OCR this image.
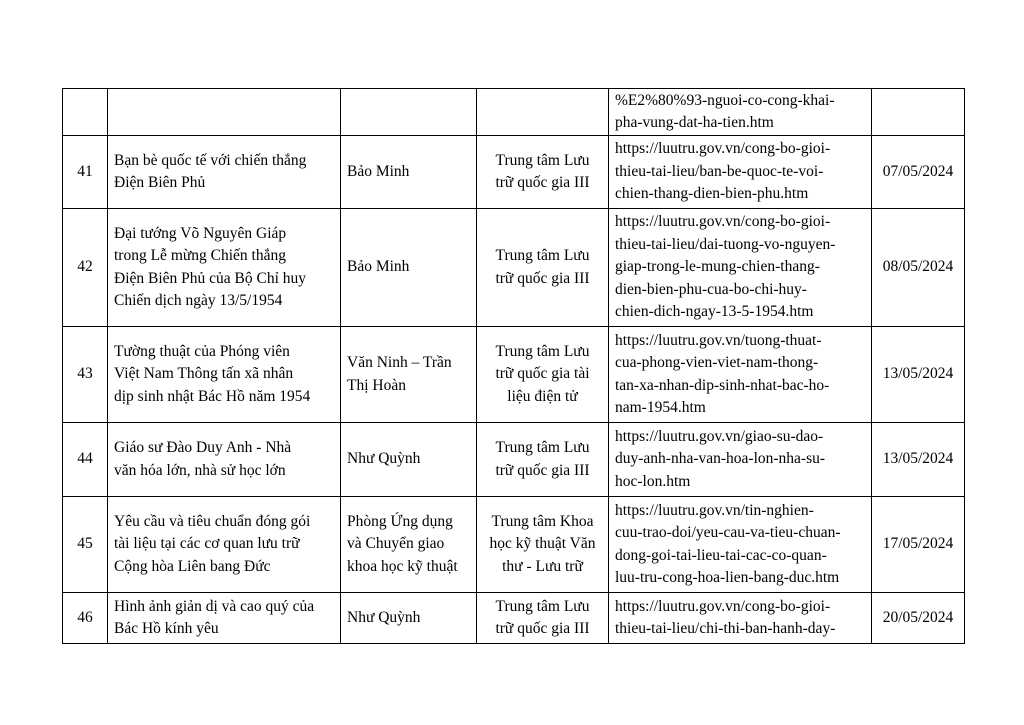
				%E2%80%93-nguoi-co-cong-khai-
pha-vung-dat-ha-tien.htm	

41	Bạn bè quốc tế với chiến thắng
Điện Biên Phủ	Bảo Minh	Trung tâm Lưu
trữ quốc gia III	https://luutru.gov.vn/cong-bo-gioi-
thieu-tai-lieu/ban-be-quoc-te-voi-
chien-thang-dien-bien-phu.htm	07/05/2024
42	Đại tướng Võ Nguyên Giáp
trong Lễ mừng Chiến thắng
Điện Biên Phủ của Bộ Chỉ huy
Chiến dịch ngày 13/5/1954	Bảo Minh	Trung tâm Lưu
trữ quốc gia III	https://luutru.gov.vn/cong-bo-gioi-
thieu-tai-lieu/dai-tuong-vo-nguyen-
giap-trong-le-mung-chien-thang-
dien-bien-phu-cua-bo-chi-huy-
chien-dich-ngay-13-5-1954.htm	08/05/2024
43	Tường thuật của Phóng viên
Việt Nam Thông tấn xã nhân
dịp sinh nhật Bác Hồ năm 1954	Văn Ninh – Trần
Thị Hoàn	Trung tâm Lưu
trữ quốc gia tài
liệu điện tử	https://luutru.gov.vn/tuong-thuat-
cua-phong-vien-viet-nam-thong-
tan-xa-nhan-dip-sinh-nhat-bac-ho-
nam-1954.htm	13/05/2024
44	Giáo sư Đào Duy Anh - Nhà
văn hóa lớn, nhà sử học lớn	Như Quỳnh	Trung tâm Lưu
trữ quốc gia III	https://luutru.gov.vn/giao-su-dao-
duy-anh-nha-van-hoa-lon-nha-su-
hoc-lon.htm	13/05/2024
45	Yêu cầu và tiêu chuẩn đóng gói
tài liệu tại các cơ quan lưu trữ
Cộng hòa Liên bang Đức	Phòng Ứng dụng
và Chuyển giao
khoa học kỹ thuật	Trung tâm Khoa
học kỹ thuật Văn
thư - Lưu trữ	https://luutru.gov.vn/tin-nghien-
cuu-trao-doi/yeu-cau-va-tieu-chuan-
dong-goi-tai-lieu-tai-cac-co-quan-
luu-tru-cong-hoa-lien-bang-duc.htm	17/05/2024
46	Hình ảnh giản dị và cao quý của
Bác Hồ kính yêu	Như Quỳnh	Trung tâm Lưu
trữ quốc gia III	https://luutru.gov.vn/cong-bo-gioi-
thieu-tai-lieu/chi-thi-ban-hanh-day-	20/05/2024
